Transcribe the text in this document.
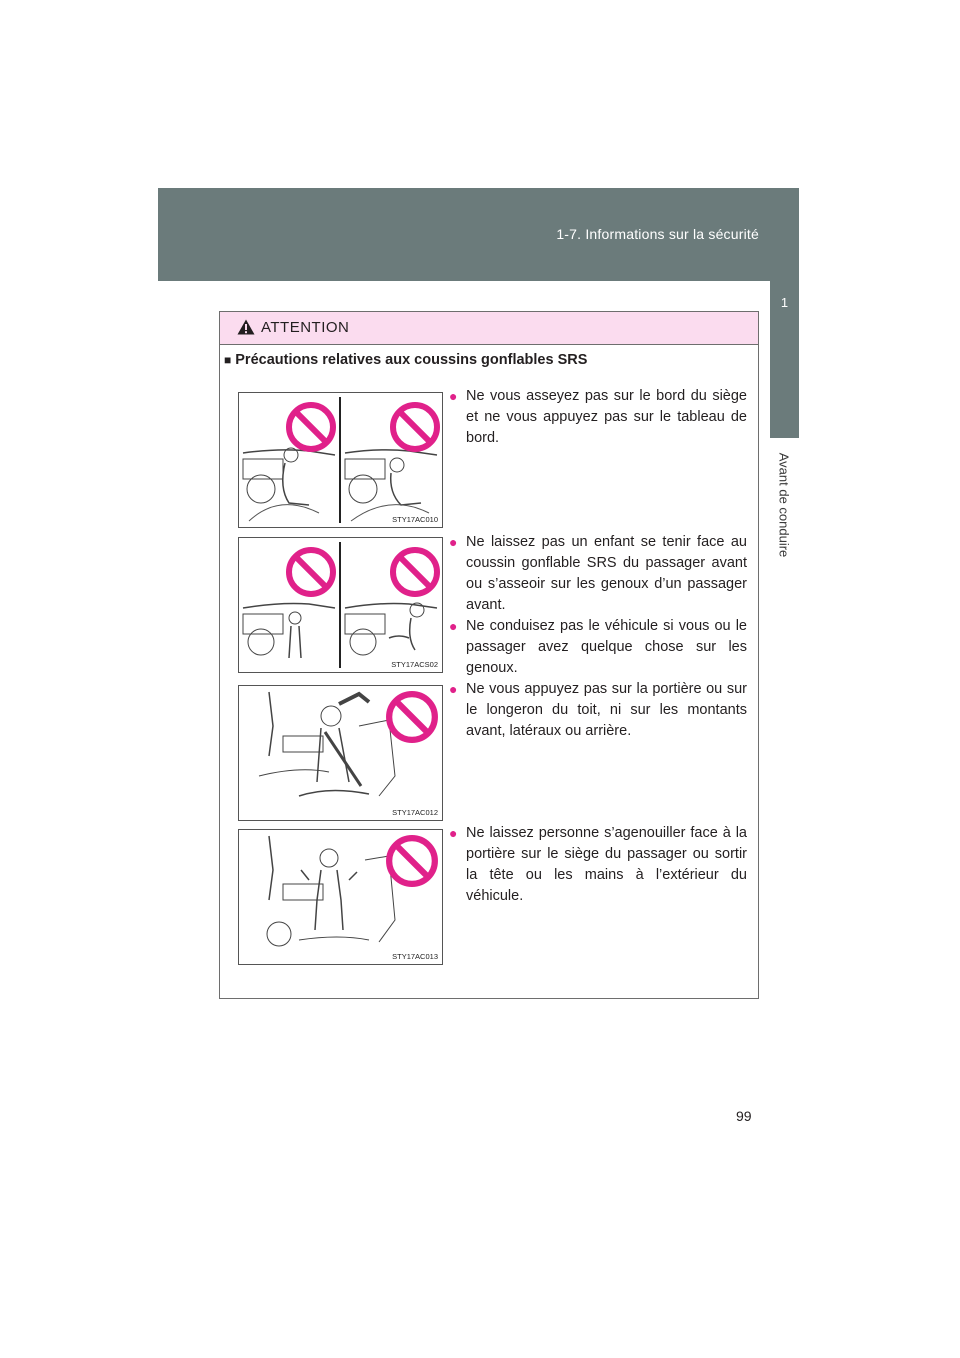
1-7. Informations sur la sécurité
1
Avant de conduire
ATTENTION
■ Précautions relatives aux coussins gonflables SRS
STY17AC010
STY17ACS02
STY17AC012
STY17AC013
● Ne vous asseyez pas sur le bord du siège et ne vous appuyez pas sur le tableau de bord.
● Ne laissez pas un enfant se tenir face au coussin gonflable SRS du passager avant ou s’asseoir sur les genoux d’un passager avant.
● Ne conduisez pas le véhicule si vous ou le passager avez quelque chose sur les genoux.
● Ne vous appuyez pas sur la portière ou sur le longeron du toit, ni sur les montants avant, latéraux ou arrière.
● Ne laissez personne s’agenouiller face à la portière sur le siège du passager ou sortir la tête ou les mains à l’extérieur du véhicule.
99
